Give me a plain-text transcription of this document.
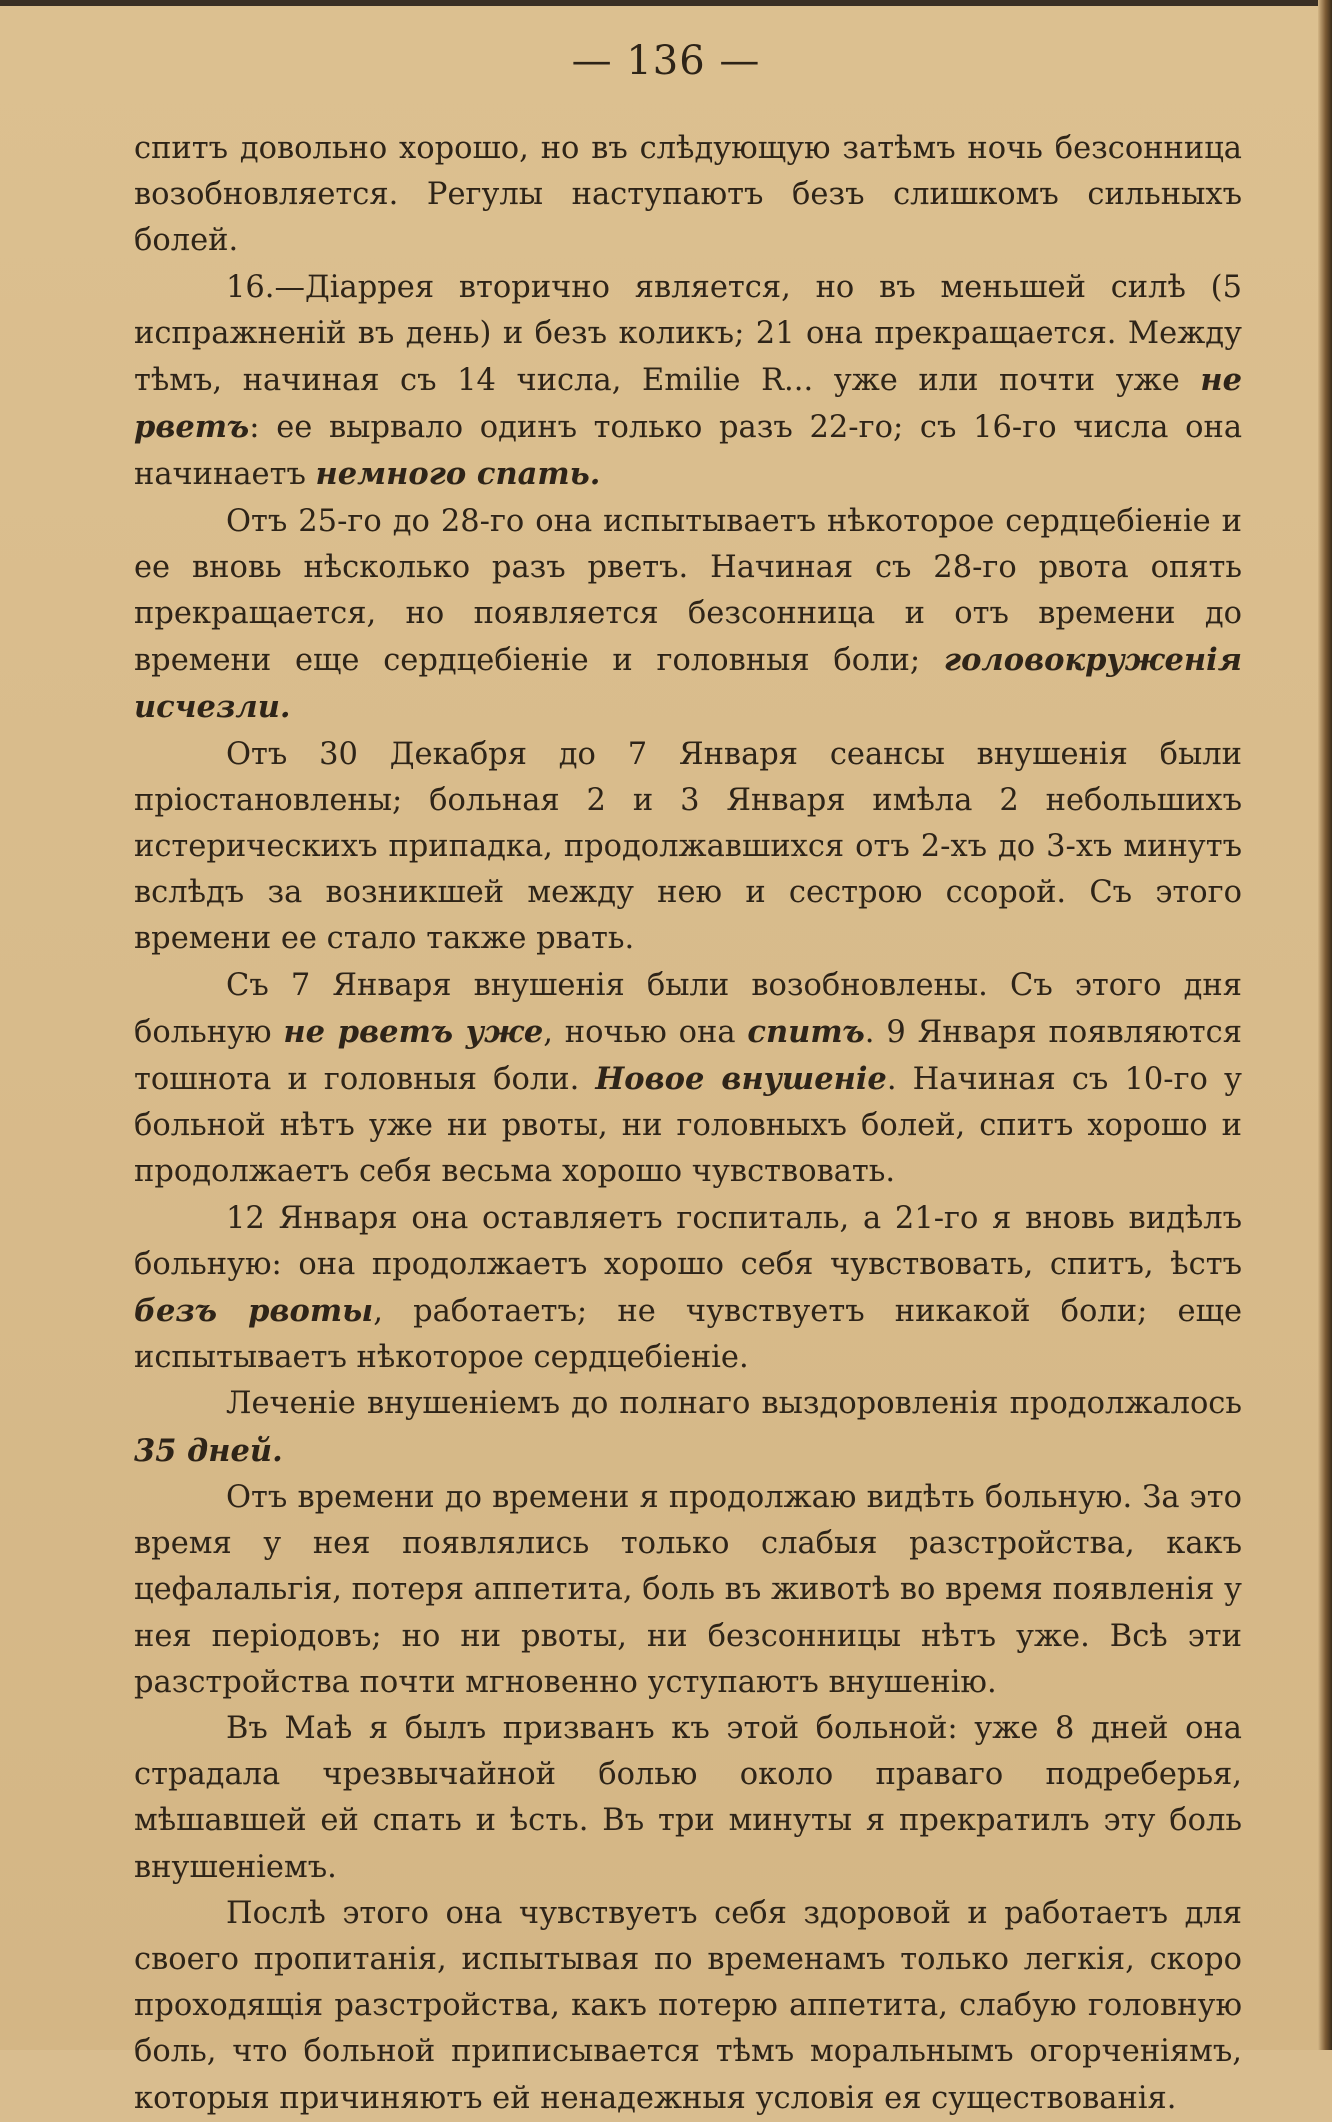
— 136 —

спитъ довольно хорошо, но въ слѣдующую затѣмъ ночь безсонница возобновляется. Регулы наступаютъ безъ слишкомъ сильныхъ болей.

16.—Діаррея вторично является, но въ меньшей силѣ (5 испражненій въ день) и безъ коликъ; 21 она прекращается. Между тѣмъ, начиная съ 14 числа, Emilie R... уже или почти уже не рветъ: ее вырвало одинъ только разъ 22-го; съ 16-го числа она начинаетъ немного спать.

Отъ 25-го до 28-го она испытываетъ нѣкоторое сердцебіеніе и ее вновь нѣсколько разъ рветъ. Начиная съ 28-го рвота опять прекращается, но появляется безсонница и отъ времени до времени еще сердцебіеніе и головныя боли; головокруженія исчезли.

Отъ 30 Декабря до 7 Января сеансы внушенія были пріостановлены; больная 2 и 3 Января имѣла 2 небольшихъ истерическихъ припадка, продолжавшихся отъ 2-хъ до 3-хъ минутъ вслѣдъ за возникшей между нею и сестрою ссорой. Съ этого времени ее стало также рвать.

Съ 7 Января внушенія были возобновлены. Съ этого дня больную не рветъ уже, ночью она спитъ. 9 Января появляются тошнота и головныя боли. Новое внушеніе. Начиная съ 10-го у больной нѣтъ уже ни рвоты, ни головныхъ болей, спитъ хорошо и продолжаетъ себя весьма хорошо чувствовать.

12 Января она оставляетъ госпиталь, а 21-го я вновь видѣлъ больную: она продолжаетъ хорошо себя чувствовать, спитъ, ѣстъ безъ рвоты, работаетъ; не чувствуетъ никакой боли; еще испытываетъ нѣкоторое сердцебіеніе.

Леченіе внушеніемъ до полнаго выздоровленія продолжалось 35 дней.

Отъ времени до времени я продолжаю видѣть больную. За это время у нея появлялись только слабыя разстройства, какъ цефалальгія, потеря аппетита, боль въ животѣ во время появленія у нея періодовъ; но ни рвоты, ни безсонницы нѣтъ уже. Всѣ эти разстройства почти мгновенно уступаютъ внушенію.

Въ Маѣ я былъ призванъ къ этой больной: уже 8 дней она страдала чрезвычайной болью около праваго подреберья, мѣшавшей ей спать и ѣсть. Въ три минуты я прекратилъ эту боль внушеніемъ.

Послѣ этого она чувствуетъ себя здоровой и работаетъ для своего пропитанія, испытывая по временамъ только легкія, скоро проходящія разстройства, какъ потерю аппетита, слабую головную боль, что больной приписывается тѣмъ моральнымъ огорченіямъ, которыя причиняютъ ей ненадежныя условія ея существованія.
